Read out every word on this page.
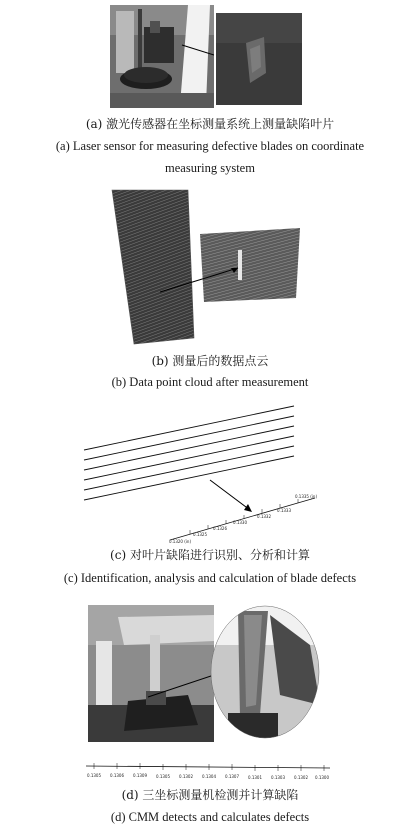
(a) 激光传感器在坐标测量系统上测量缺陷叶片
(a) Laser sensor for measuring defective blades on coordinate
measuring system
(b) 测量后的数据点云
(b) Data point cloud after measurement
0.1335 (in)
0.1333
0.1332
0.1330
0.1326
0.1325
0.1320 (in)
(c) 对叶片缺陷进行识别、分析和计算
(c) Identification, analysis and calculation of blade defects
0.1305 0.1306 0.1309 0.1305 0.1302 0.1304 0.1307 0.1301 0.1303 0.1302 0.1300
(d) 三坐标测量机检测并计算缺陷
(d) CMM detects and calculates defects
